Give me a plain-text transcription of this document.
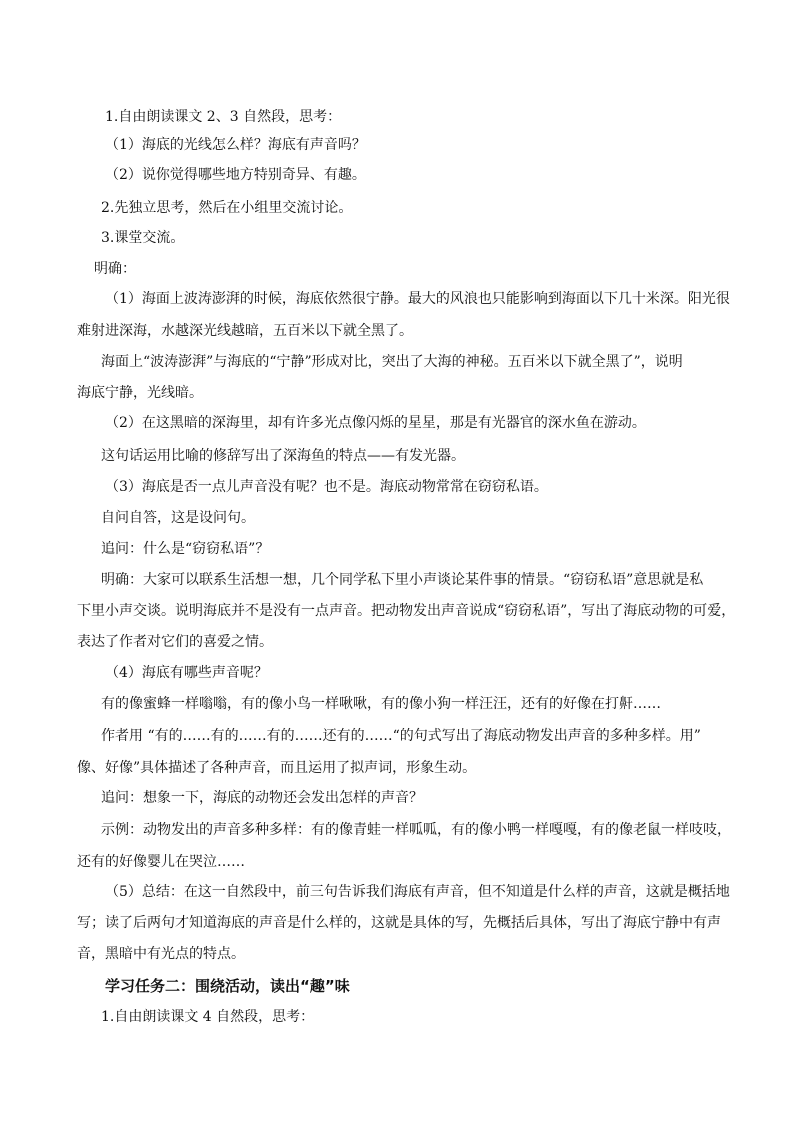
1.自由朗读课文 2、3 自然段，思考：
（1）海底的光线怎么样？海底有声音吗？
（2）说你觉得哪些地方特别奇异、有趣。
2.先独立思考，然后在小组里交流讨论。
3.课堂交流。
明确：
（1）海面上波涛澎湃的时候，海底依然很宁静。最大的风浪也只能影响到海面以下几十米深。阳光很
难射进深海，水越深光线越暗，五百米以下就全黑了。
海面上“波涛澎湃”与海底的“宁静”形成对比，突出了大海的神秘。五百米以下就全黑了”，说明
海底宁静，光线暗。
（2）在这黑暗的深海里，却有许多光点像闪烁的星星，那是有光器官的深水鱼在游动。
这句话运用比喻的修辞写出了深海鱼的特点——有发光器。
（3）海底是否一点儿声音没有呢？也不是。海底动物常常在窃窃私语。
自问自答，这是设问句。
追问：什么是“窃窃私语”？
明确：大家可以联系生活想一想，几个同学私下里小声谈论某件事的情景。“窃窃私语”意思就是私
下里小声交谈。说明海底并不是没有一点声音。把动物发出声音说成“窃窃私语”，写出了海底动物的可爱，
表达了作者对它们的喜爱之情。
（4）海底有哪些声音呢？
有的像蜜蜂一样嗡嗡，有的像小鸟一样啾啾，有的像小狗一样汪汪，还有的好像在打鼾……
作者用 “有的……有的……有的……还有的……“的句式写出了海底动物发出声音的多种多样。用”
像、好像”具体描述了各种声音，而且运用了拟声词，形象生动。
追问：想象一下，海底的动物还会发出怎样的声音？
示例：动物发出的声音多种多样：有的像青蛙一样呱呱，有的像小鸭一样嘎嘎，有的像老鼠一样吱吱，
还有的好像婴儿在哭泣……
（5）总结：在这一自然段中，前三句告诉我们海底有声音，但不知道是什么样的声音，这就是概括地
写；读了后两句才知道海底的声音是什么样的，这就是具体的写，先概括后具体，写出了海底宁静中有声
音，黑暗中有光点的特点。
学习任务二：围绕活动，读出“趣”味
1.自由朗读课文 4 自然段，思考：
